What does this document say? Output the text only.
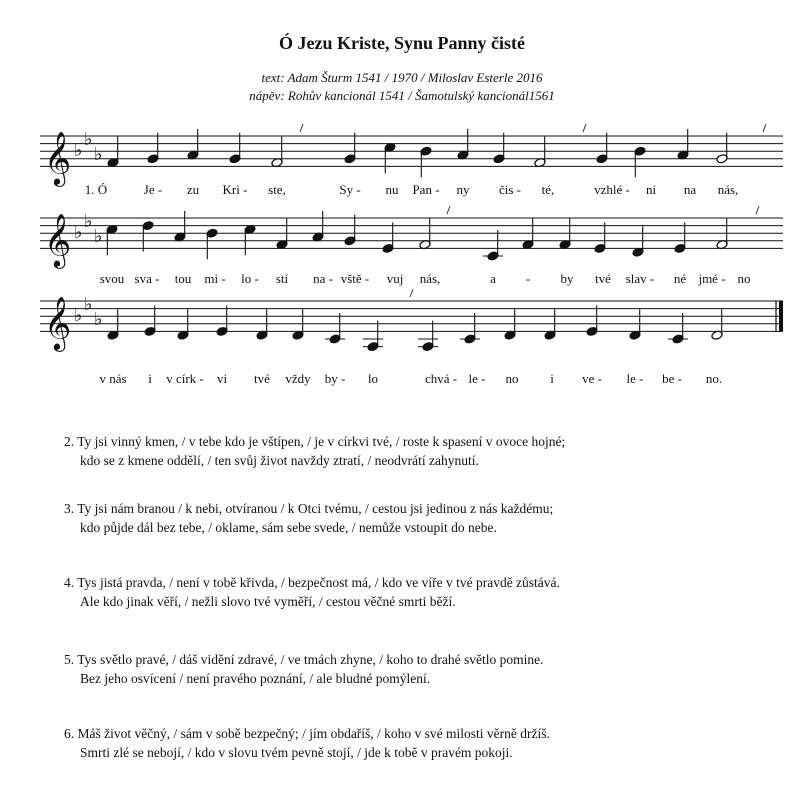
Ó Jezu Kriste, Synu Panny čisté
text: Adam Šturm 1541 / 1970 / Miloslav Esterle 2016
nápěv: Rohův kancionál 1541 / Šamotulský kancionál1561
𝄞 ♭
♭
♭
𝄞 ♭
♭
♭
𝄞 ♭
♭
♭
1. Ó	Je - zu Kri - ste,	Sy - nu Pan - ny čis - té,	vzhlé - ni na nás,
svou sva - tou mi - lo - stí na - vště - vuj nás,	a - by tvé slav - né jmé - no
v nás i v círk - vi tvé vždy by - lo	chvá - le - no i ve - le - be - no.
2. Ty jsi vinný kmen, / v tebe kdo je vštípen, / je v církvi tvé, / roste k spasení v ovoce hojné;
kdo se z kmene oddělí, / ten svůj život navždy ztratí, / neodvrátí zahynutí.
3. Ty jsi nám branou / k nebi, otvíranou / k Otci tvému, / cestou jsi jedinou z nás každému;
kdo půjde dál bez tebe, / oklame, sám sebe svede, / nemůže vstoupit do nebe.
4. Tys jistá pravda, / není v tobě křivda, / bezpečnost má, / kdo ve víře v tvé pravdě zůstává.
Ale kdo jinak věří, / nežli slovo tvé vyměří, / cestou věčné smrti běží.
5. Tys světlo pravé, / dáš vidění zdravé, / ve tmách zhyne, / koho to drahé světlo pomine.
Bez jeho osvícení / není pravého poznání, / ale bludné pomýlení.
6. Máš život věčný, / sám v sobě bezpečný; / jím obdaříš, / koho v své milosti věrně držíš.
Smrti zlé se nebojí, / kdo v slovu tvém pevně stojí, / jde k tobě v pravém pokoji.
